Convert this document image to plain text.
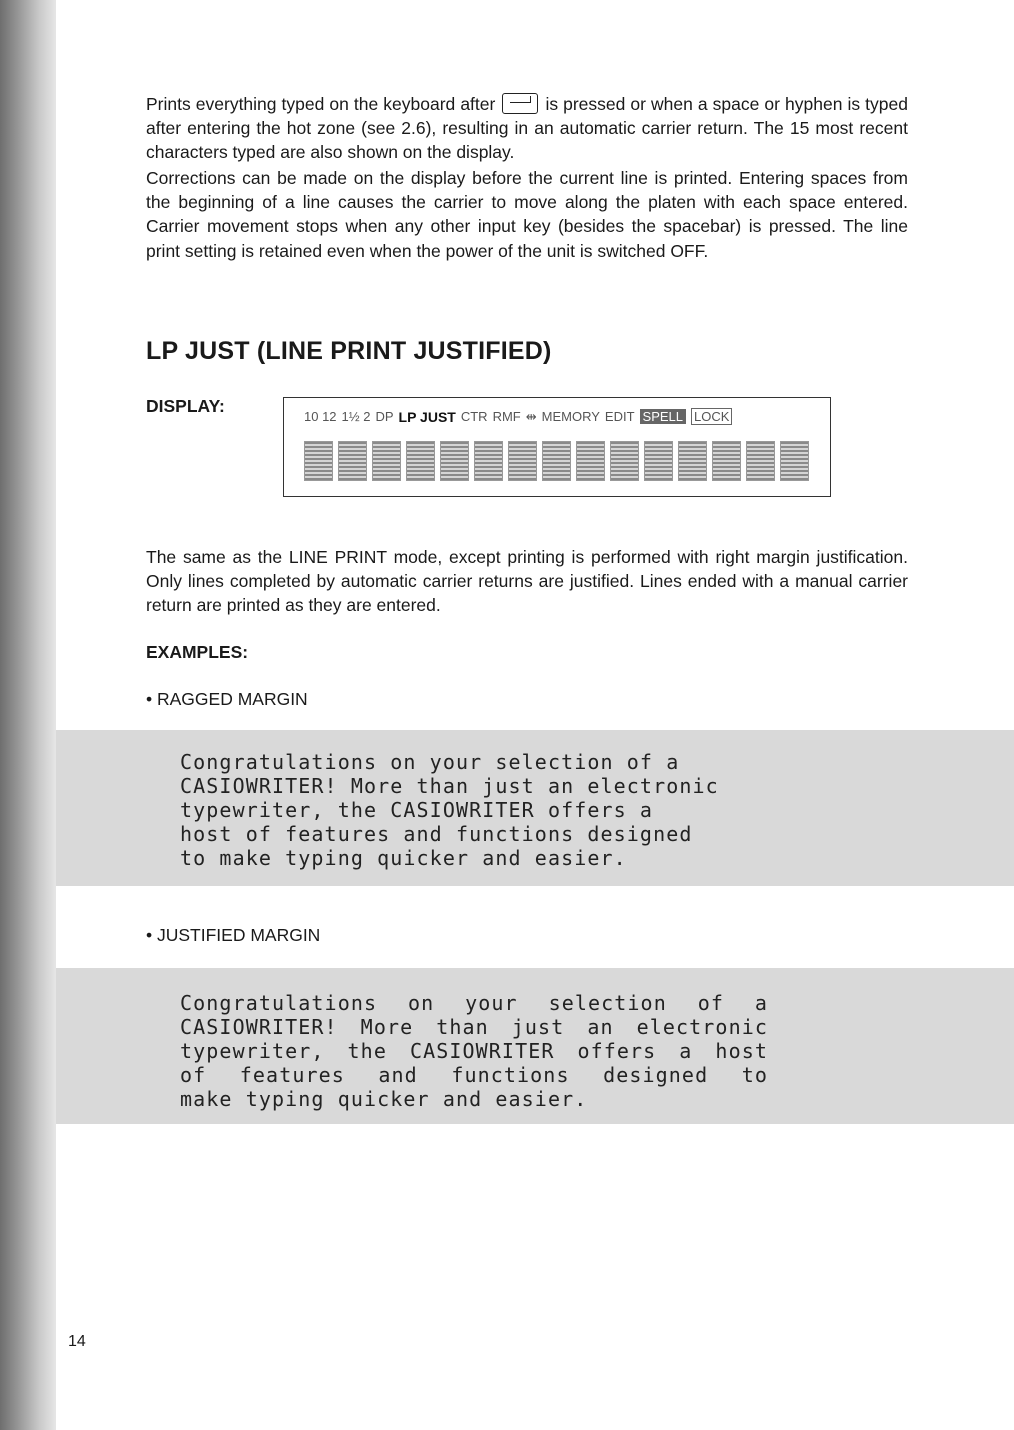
Prints everything typed on the keyboard after	is pressed or when a space or hyphen is typed after entering the hot zone (see 2.6), resulting in an automatic carrier return. The 15 most recent characters typed are also shown on the display.

Corrections can be made on the display before the current line is printed. Entering spaces from the beginning of a line causes the carrier to move along the platen with each space entered. Carrier movement stops when any other input key (besides the spacebar) is pressed. The line print setting is retained even when the power of the unit is switched OFF.

LP JUST (LINE PRINT JUSTIFIED)
DISPLAY:
10 12 1½ 2 DP LP JUST CTR RMF ⇹ MEMORY EDIT SPELL LOCK

The same as the LINE PRINT mode, except printing is performed with right margin justification. Only lines completed by automatic carrier returns are justified. Lines ended with a manual carrier return are printed as they are entered.

EXAMPLES:
• RAGGED MARGIN
Congratulations on your selection of a
CASIOWRITER! More than just an electronic
typewriter, the CASIOWRITER offers a
host of features and functions designed
to make typing quicker and easier.
• JUSTIFIED MARGIN
Congratulations on your selection of a
CASIOWRITER! More than just an electronic
typewriter, the CASIOWRITER offers a host
of features and functions designed to
make typing quicker and easier.
14
